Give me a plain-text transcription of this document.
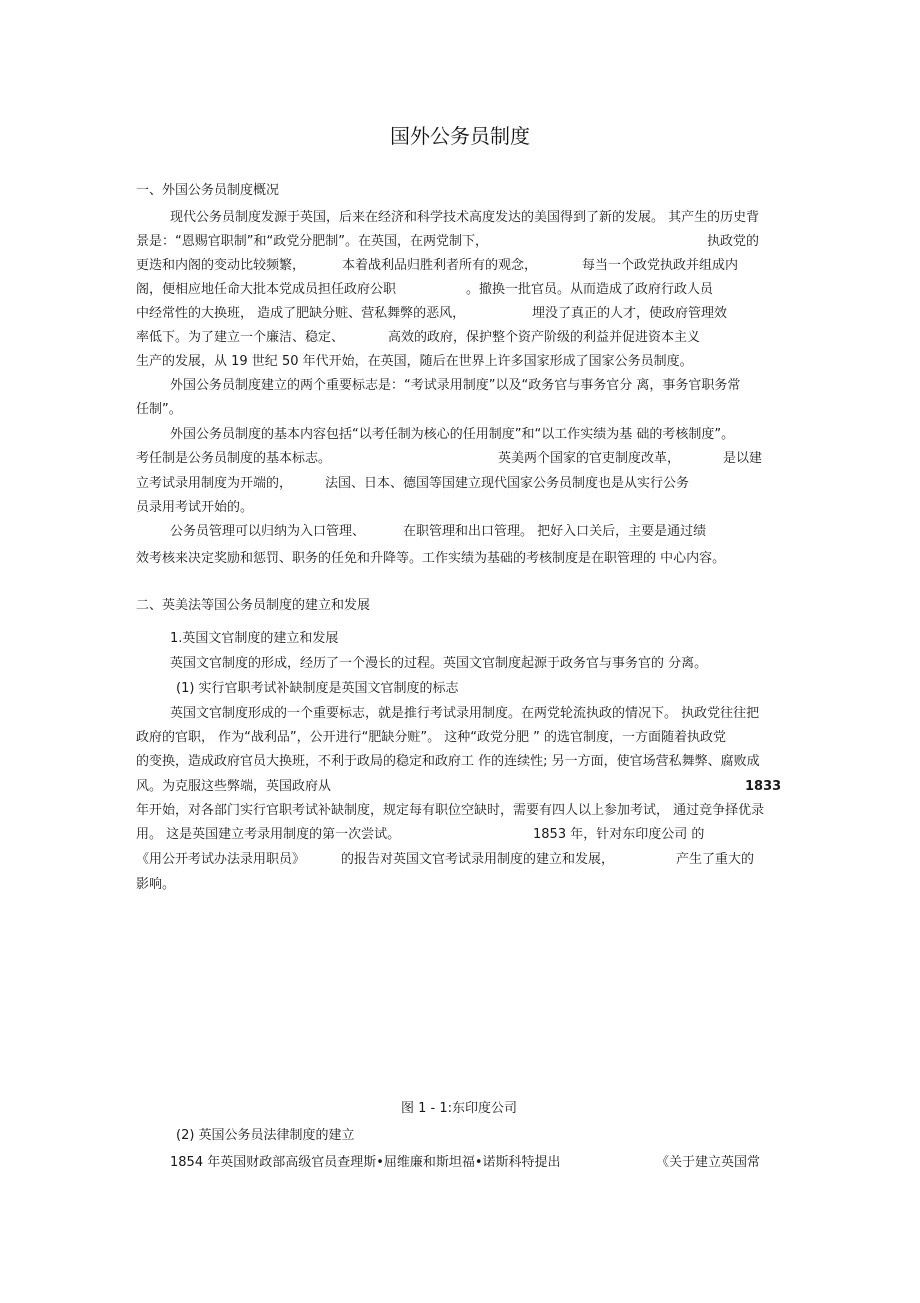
国外公务员制度
一、外国公务员制度概况
现代公务员制度发源于英国，后来在经济和科学技术高度发达的美国得到了新的发展。 其产生的历史背
景是：“恩赐官职制”和“政党分肥制”。在英国，在两党制下，	执政党的
更迭和内阁的变动比较频繁，	本着战利品归胜利者所有的观念，	每当一个政党执政并组成内
阁，便相应地任命大批本党成员担任政府公职	。撤换一批官员。从而造成了政府行政人员
中经常性的大换班， 造成了肥缺分赃、营私舞弊的恶风，	埋没了真正的人才，使政府管理效
率低下。为了建立一个廉洁、稳定、	高效的政府，保护整个资产阶级的利益并促进资本主义
生产的发展，从 19 世纪 50 年代开始，在英国，随后在世界上许多国家形成了国家公务员制度。
外国公务员制度建立的两个重要标志是：“考试录用制度”以及“政务官与事务官分 离，事务官职务常
任制”。
外国公务员制度的基本内容包括“以考任制为核心的任用制度”和“以工作实绩为基 础的考核制度”。
考任制是公务员制度的基本标志。	英美两个国家的官吏制度改革，	是以建
立考试录用制度为开端的，	法国、日本、德国等国建立现代国家公务员制度也是从实行公务
员录用考试开始的。
公务员管理可以归纳为入口管理、	在职管理和出口管理。 把好入口关后，主要是通过绩
效考核来决定奖励和惩罚、职务的任免和升降等。工作实绩为基础的考核制度是在职管理的 中心内容。
二、英美法等国公务员制度的建立和发展
1.英国文官制度的建立和发展
英国文官制度的形成，经历了一个漫长的过程。英国文官制度起源于政务官与事务官的 分离。
(1) 实行官职考试补缺制度是英国文官制度的标志
英国文官制度形成的一个重要标志，就是推行考试录用制度。在两党轮流执政的情况下。 执政党往往把
政府的官职， 作为“战利品”，公开进行“肥缺分赃”。 这种“政党分肥 ” 的选官制度，一方面随着执政党
的变换，造成政府官员大换班，不利于政局的稳定和政府工 作的连续性; 另一方面，使官场营私舞弊、腐败成
风。为克服这些弊端，英国政府从	1833
年开始，对各部门实行官职考试补缺制度，规定每有职位空缺时，需要有四人以上参加考试， 通过竞争择优录
用。 这是英国建立考录用制度的第一次尝试。	1853 年，针对东印度公司 的
《用公开考试办法录用职员》	的报告对英国文官考试录用制度的建立和发展，	产生了重大的
影响。
图 1 - 1:东印度公司
(2) 英国公务员法律制度的建立
1854 年英国财政部高级官员查理斯•屈维廉和斯坦福•诺斯科特提出	《关于建立英国常
